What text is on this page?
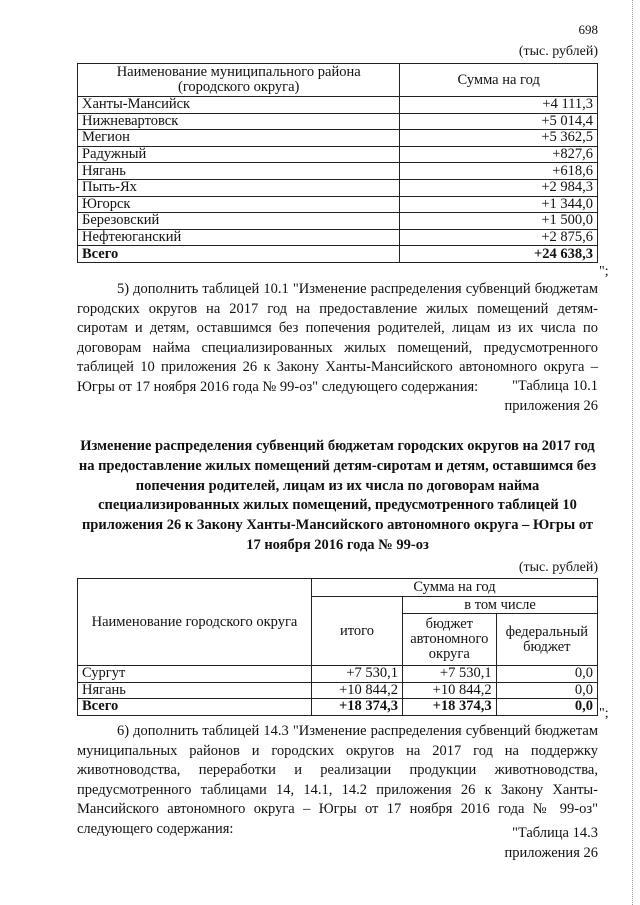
698
(тыс. рублей)
Наименование муниципального района (городского округа)	Сумма на год
Ханты-Мансийск	+4 111,3
Нижневартовск	+5 014,4
Мегион	+5 362,5
Радужный	+827,6
Нягань	+618,6
Пыть-Ях	+2 984,3
Югорск	+1 344,0
Березовский	+1 500,0
Нефтеюганский	+2 875,6
Всего	+24 638,3
";
5) дополнить таблицей 10.1 "Изменение распределения субвенций бюджетам городских округов на 2017 год на предоставление жилых помещений детям-сиротам и детям, оставшимся без попечения родителей, лицам из их числа по договорам найма специализированных жилых помещений, предусмотренного таблицей 10 приложения 26 к Закону Ханты-Мансийского автономного округа – Югры от 17 ноября 2016 года № 99-оз" следующего содержания:	"Таблица 10.1
приложения 26
Изменение распределения субвенций бюджетам городских округов на 2017 год на предоставление жилых помещений детям-сиротам и детям, оставшимся без попечения родителей, лицам из их числа по договорам найма специализированных жилых помещений, предусмотренного таблицей 10 приложения 26 к Закону Ханты-Мансийского автономного округа – Югры от 17 ноября 2016 года № 99-оз
(тыс. рублей)
Наименование городского округа	Сумма на год		
	итого	в том числе	
		бюджет автономного округа	федеральный бюджет
Сургут	+7 530,1	+7 530,1	0,0
Нягань	+10 844,2	+10 844,2	0,0
Всего	+18 374,3	+18 374,3	0,0 ";
6) дополнить таблицей 14.3 "Изменение распределения субвенций бюджетам муниципальных районов и городских округов на 2017 год на поддержку животноводства, переработки и реализации продукции животноводства, предусмотренного таблицами 14, 14.1, 14.2 приложения 26 к Закону Ханты-Мансийского автономного округа – Югры от 17 ноября 2016 года № 99-оз" следующего содержания:	"Таблица 14.3
приложения 26
